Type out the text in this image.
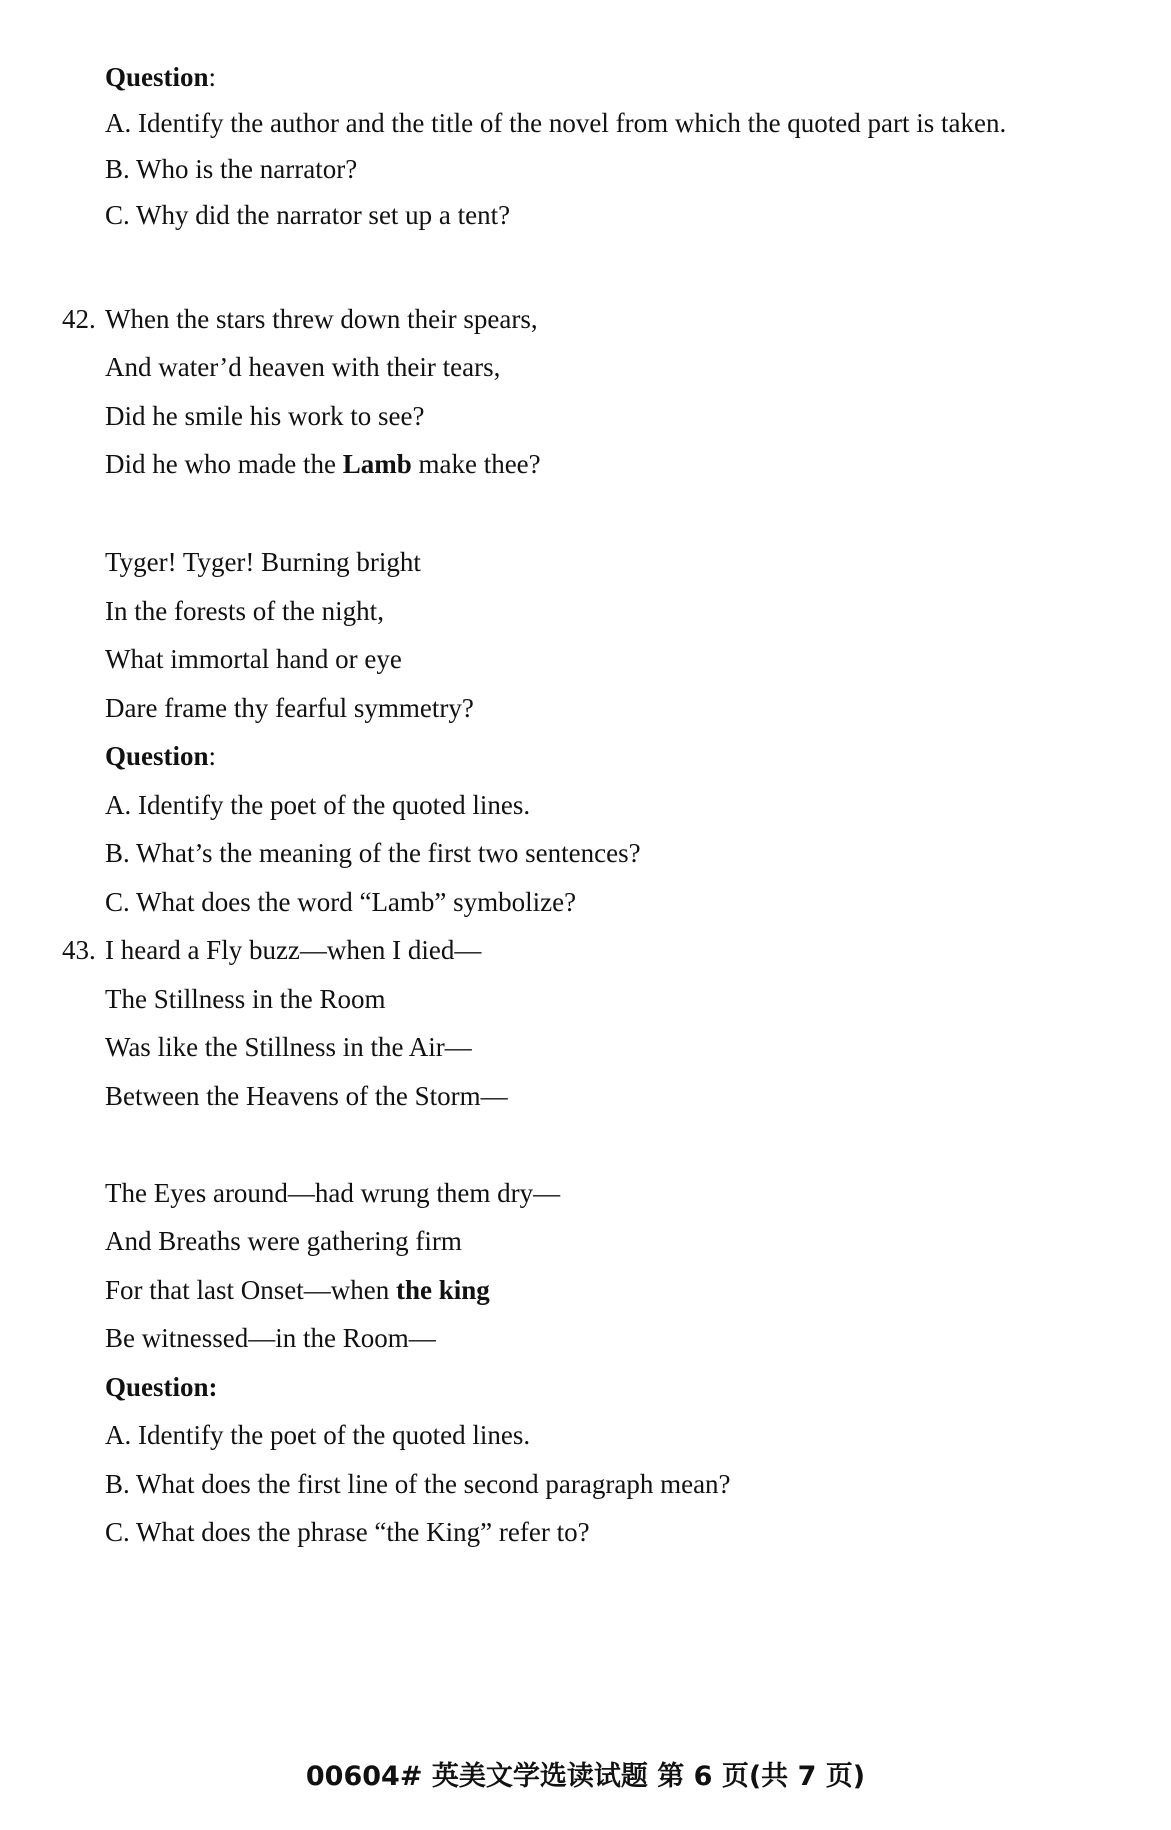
Question:
A. Identify the author and the title of the novel from which the quoted part is taken.
B. Who is the narrator?
C. Why did the narrator set up a tent?
42. When the stars threw down their spears,
And water’d heaven with their tears,
Did he smile his work to see?
Did he who made the Lamb make thee?
Tyger! Tyger! Burning bright
In the forests of the night,
What immortal hand or eye
Dare frame thy fearful symmetry?
Question:
A. Identify the poet of the quoted lines.
B. What’s the meaning of the first two sentences?
C. What does the word “Lamb” symbolize?
43. I heard a Fly buzz—when I died—
The Stillness in the Room
Was like the Stillness in the Air—
Between the Heavens of the Storm—
The Eyes around—had wrung them dry—
And Breaths were gathering firm
For that last Onset—when the king
Be witnessed—in the Room—
Question:
A. Identify the poet of the quoted lines.
B. What does the first line of the second paragraph mean?
C. What does the phrase “the King” refer to?
00604# 英美文学选读试题 第 6 页(共 7 页)
